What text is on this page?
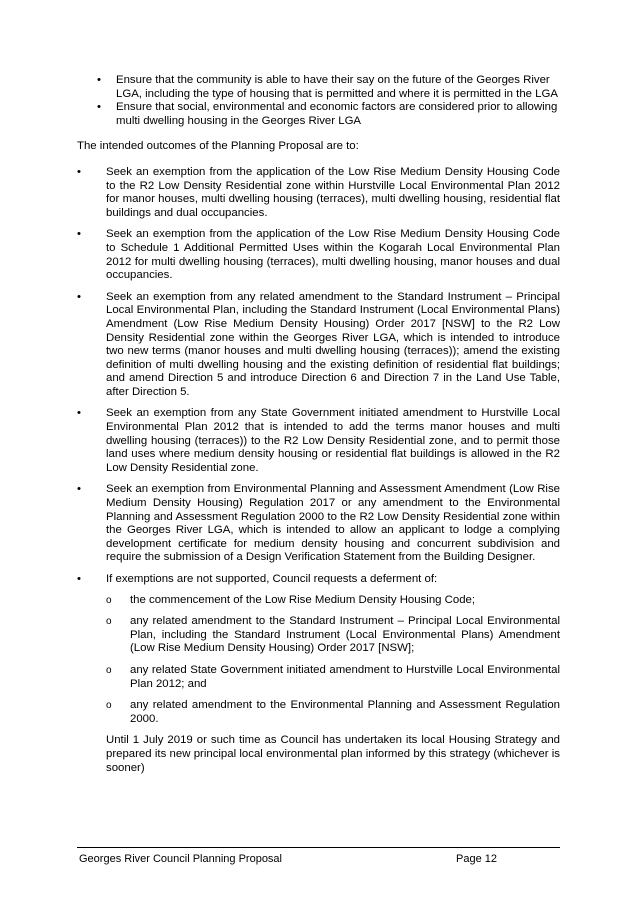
• Ensure that the community is able to have their say on the future of the Georges River LGA, including the type of housing that is permitted and where it is permitted in the LGA
• Ensure that social, environmental and economic factors are considered prior to allowing multi dwelling housing in the Georges River LGA

The intended outcomes of the Planning Proposal are to:

• Seek an exemption from the application of the Low Rise Medium Density Housing Code to the R2 Low Density Residential zone within Hurstville Local Environmental Plan 2012 for manor houses, multi dwelling housing (terraces), multi dwelling housing, residential flat buildings and dual occupancies.
• Seek an exemption from the application of the Low Rise Medium Density Housing Code to Schedule 1 Additional Permitted Uses within the Kogarah Local Environmental Plan 2012 for multi dwelling housing (terraces), multi dwelling housing, manor houses and dual occupancies.
• Seek an exemption from any related amendment to the Standard Instrument – Principal Local Environmental Plan, including the Standard Instrument (Local Environmental Plans) Amendment (Low Rise Medium Density Housing) Order 2017 [NSW] to the R2 Low Density Residential zone within the Georges River LGA, which is intended to introduce two new terms (manor houses and multi dwelling housing (terraces)); amend the existing definition of multi dwelling housing and the existing definition of residential flat buildings; and amend Direction 5 and introduce Direction 6 and Direction 7 in the Land Use Table, after Direction 5.
• Seek an exemption from any State Government initiated amendment to Hurstville Local Environmental Plan 2012 that is intended to add the terms manor houses and multi dwelling housing (terraces)) to the R2 Low Density Residential zone, and to permit those land uses where medium density housing or residential flat buildings is allowed in the R2 Low Density Residential zone.
• Seek an exemption from Environmental Planning and Assessment Amendment (Low Rise Medium Density Housing) Regulation 2017 or any amendment to the Environmental Planning and Assessment Regulation 2000 to the R2 Low Density Residential zone within the Georges River LGA, which is intended to allow an applicant to lodge a complying development certificate for medium density housing and concurrent subdivision and require the submission of a Design Verification Statement from the Building Designer.
• If exemptions are not supported, Council requests a deferment of:
o the commencement of the Low Rise Medium Density Housing Code;
o any related amendment to the Standard Instrument – Principal Local Environmental Plan, including the Standard Instrument (Local Environmental Plans) Amendment (Low Rise Medium Density Housing) Order 2017 [NSW];
o any related State Government initiated amendment to Hurstville Local Environmental Plan 2012; and
o any related amendment to the Environmental Planning and Assessment Regulation 2000.

Until 1 July 2019 or such time as Council has undertaken its local Housing Strategy and prepared its new principal local environmental plan informed by this strategy (whichever is sooner)

Georges River Council Planning Proposal	Page 12
